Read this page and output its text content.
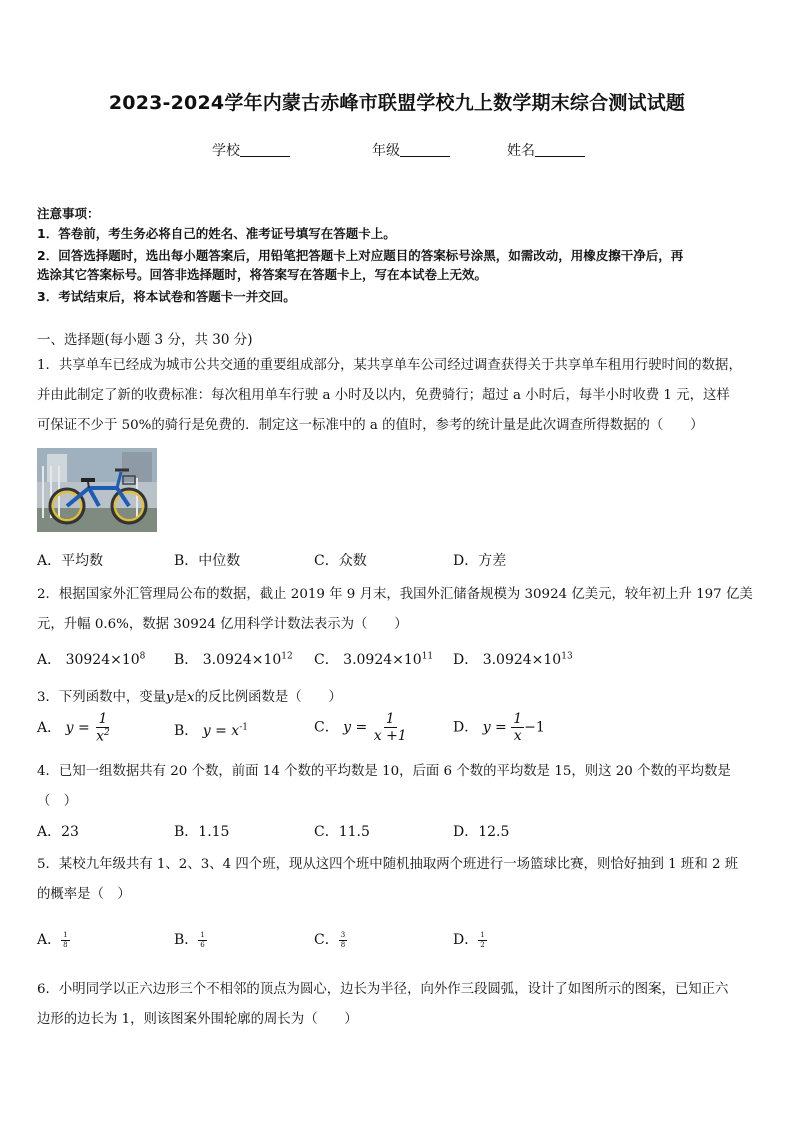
2023-2024学年内蒙古赤峰市联盟学校九上数学期末综合测试试题
学校	年级	姓名
注意事项：
1．答卷前，考生务必将自己的姓名、准考证号填写在答题卡上。
2．回答选择题时，选出每小题答案后，用铅笔把答题卡上对应题目的答案标号涂黑，如需改动，用橡皮擦干净后，再
选涂其它答案标号。回答非选择题时，将答案写在答题卡上，写在本试卷上无效。
3．考试结束后，将本试卷和答题卡一并交回。
一、选择题(每小题 3 分，共 30 分)
1．共享单车已经成为城市公共交通的重要组成部分，某共享单车公司经过调查获得关于共享单车租用行驶时间的数据，
并由此制定了新的收费标准：每次租用单车行驶 a 小时及以内，免费骑行；超过 a 小时后，每半小时收费 1 元，这样
可保证不少于 50%的骑行是免费的．制定这一标准中的 a 的值时，参考的统计量是此次调查所得数据的（　　）
A．平均数	B．中位数	C．众数	D．方差
2．根据国家外汇管理局公布的数据，截止 2019 年 9 月末，我国外汇储备规模为 30924 亿美元，较年初上升 197 亿美
元，升幅 0.6%，数据 30924 亿用科学计数法表示为（　　）
A． $30924\times 10^8$ B． $3.0924\times 10^{12}$ C． $3.0924\times 10^{11}$ D． $3.0924\times 10^{13}$
3．下列函数中，变量y是x的反比例函数是（　　）
A． $y = \frac{1}{x^2}$	B． $y = x^{-1}$	C． $y = \frac{1}{x +1}$	D． $y = \frac{1}{x} -1$
4．已知一组数据共有 20 个数，前面 14 个数的平均数是 10，后面 6 个数的平均数是 15，则这 20 个数的平均数是
（　）
A．23	B．1.15	C．11.5	D．12.5
5．某校九年级共有 1、2、3、4 四个班，现从这四个班中随机抽取两个班进行一场篮球比赛，则恰好抽到 1 班和 2 班
的概率是（　）
A． $\frac{1}{8}$	B． $\frac{1}{6}$	C． $\frac{3}{8}$	D． $\frac{1}{2}$
6．小明同学以正六边形三个不相邻的顶点为圆心，边长为半径，向外作三段圆弧，设计了如图所示的图案，已知正六
边形的边长为 1，则该图案外围轮廓的周长为（　　）
